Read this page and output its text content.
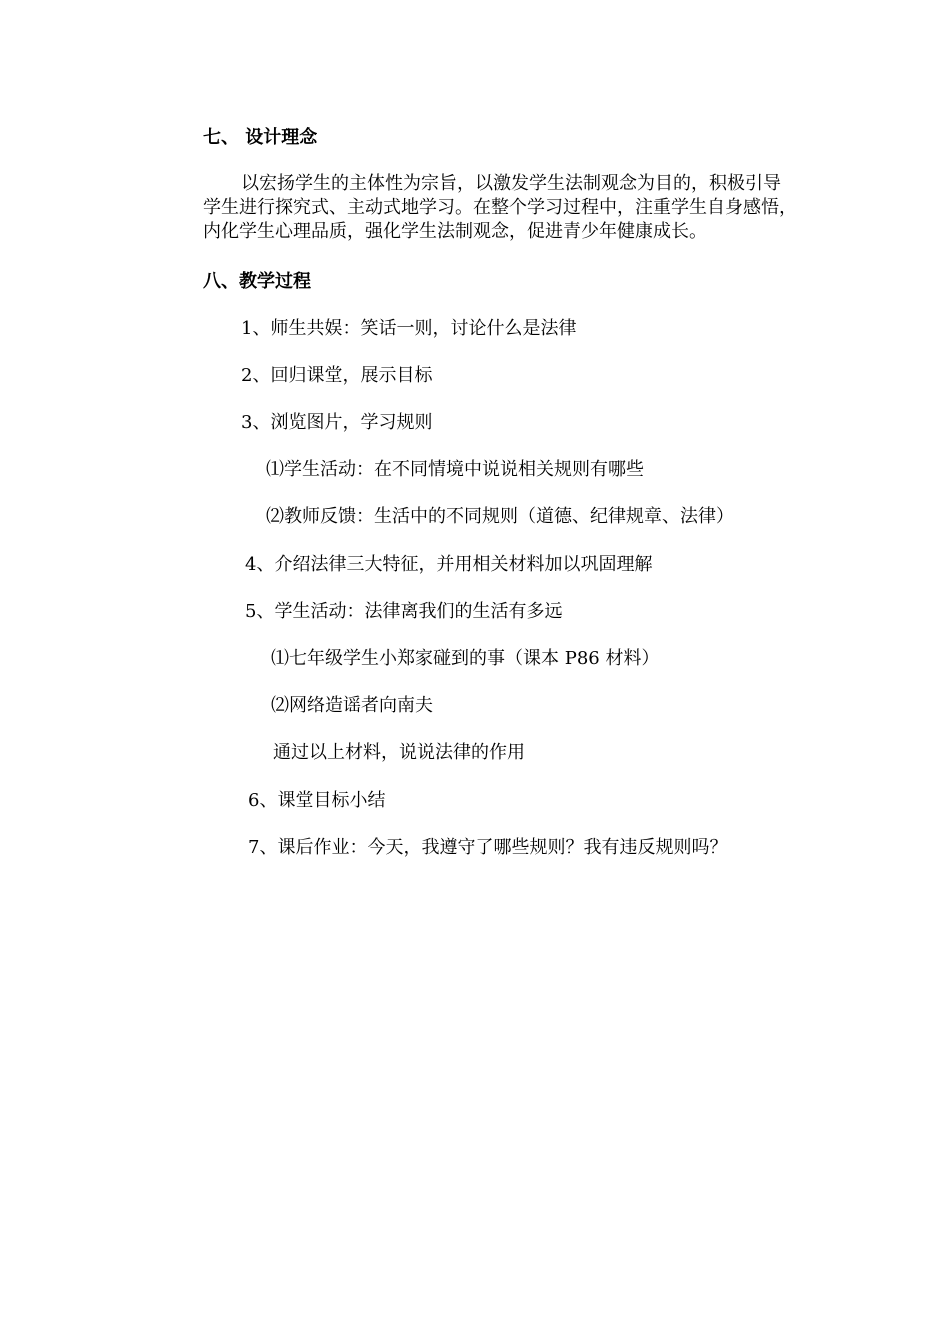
七、 设计理念
以宏扬学生的主体性为宗旨，以激发学生法制观念为目的，积极引导
学生进行探究式、主动式地学习。在整个学习过程中，注重学生自身感悟，
内化学生心理品质，强化学生法制观念，促进青少年健康成长。
八、教学过程
1、师生共娱：笑话一则，讨论什么是法律
2、回归课堂，展示目标
3、浏览图片，学习规则
⑴学生活动：在不同情境中说说相关规则有哪些
⑵教师反馈：生活中的不同规则（道德、纪律规章、法律）
4、介绍法律三大特征，并用相关材料加以巩固理解
5、学生活动：法律离我们的生活有多远
⑴七年级学生小郑家碰到的事（课本 P86 材料）
⑵网络造谣者向南夫
通过以上材料，说说法律的作用
6、课堂目标小结
7、课后作业：今天，我遵守了哪些规则？我有违反规则吗？
